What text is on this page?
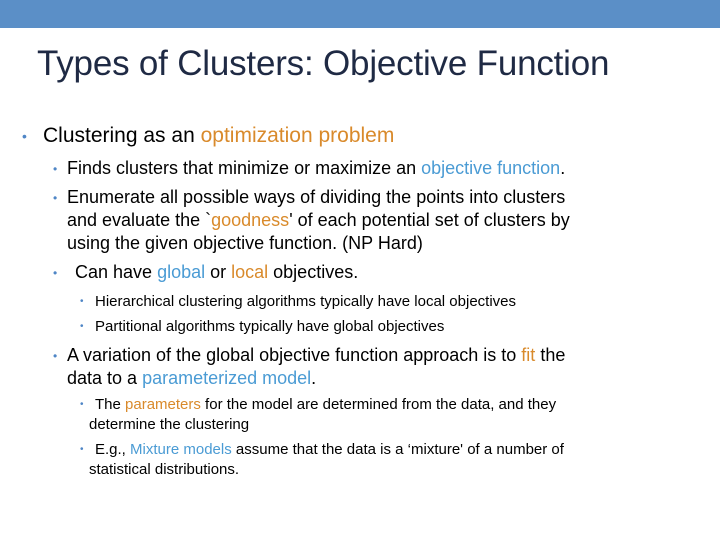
Types of Clusters: Objective Function
• Clustering as an optimization problem
• Finds clusters that minimize or maximize an objective function.
• Enumerate all possible ways of dividing the points into clusters
and evaluate the `goodness' of each potential set of clusters by
using the given objective function. (NP Hard)
• Can have global or local objectives.
• Hierarchical clustering algorithms typically have local objectives
• Partitional algorithms typically have global objectives
• A variation of the global objective function approach is to fit the
data to a parameterized model.
• The parameters for the model are determined from the data, and they
determine the clustering
• E.g., Mixture models assume that the data is a ‘mixture' of a number of
statistical distributions.
